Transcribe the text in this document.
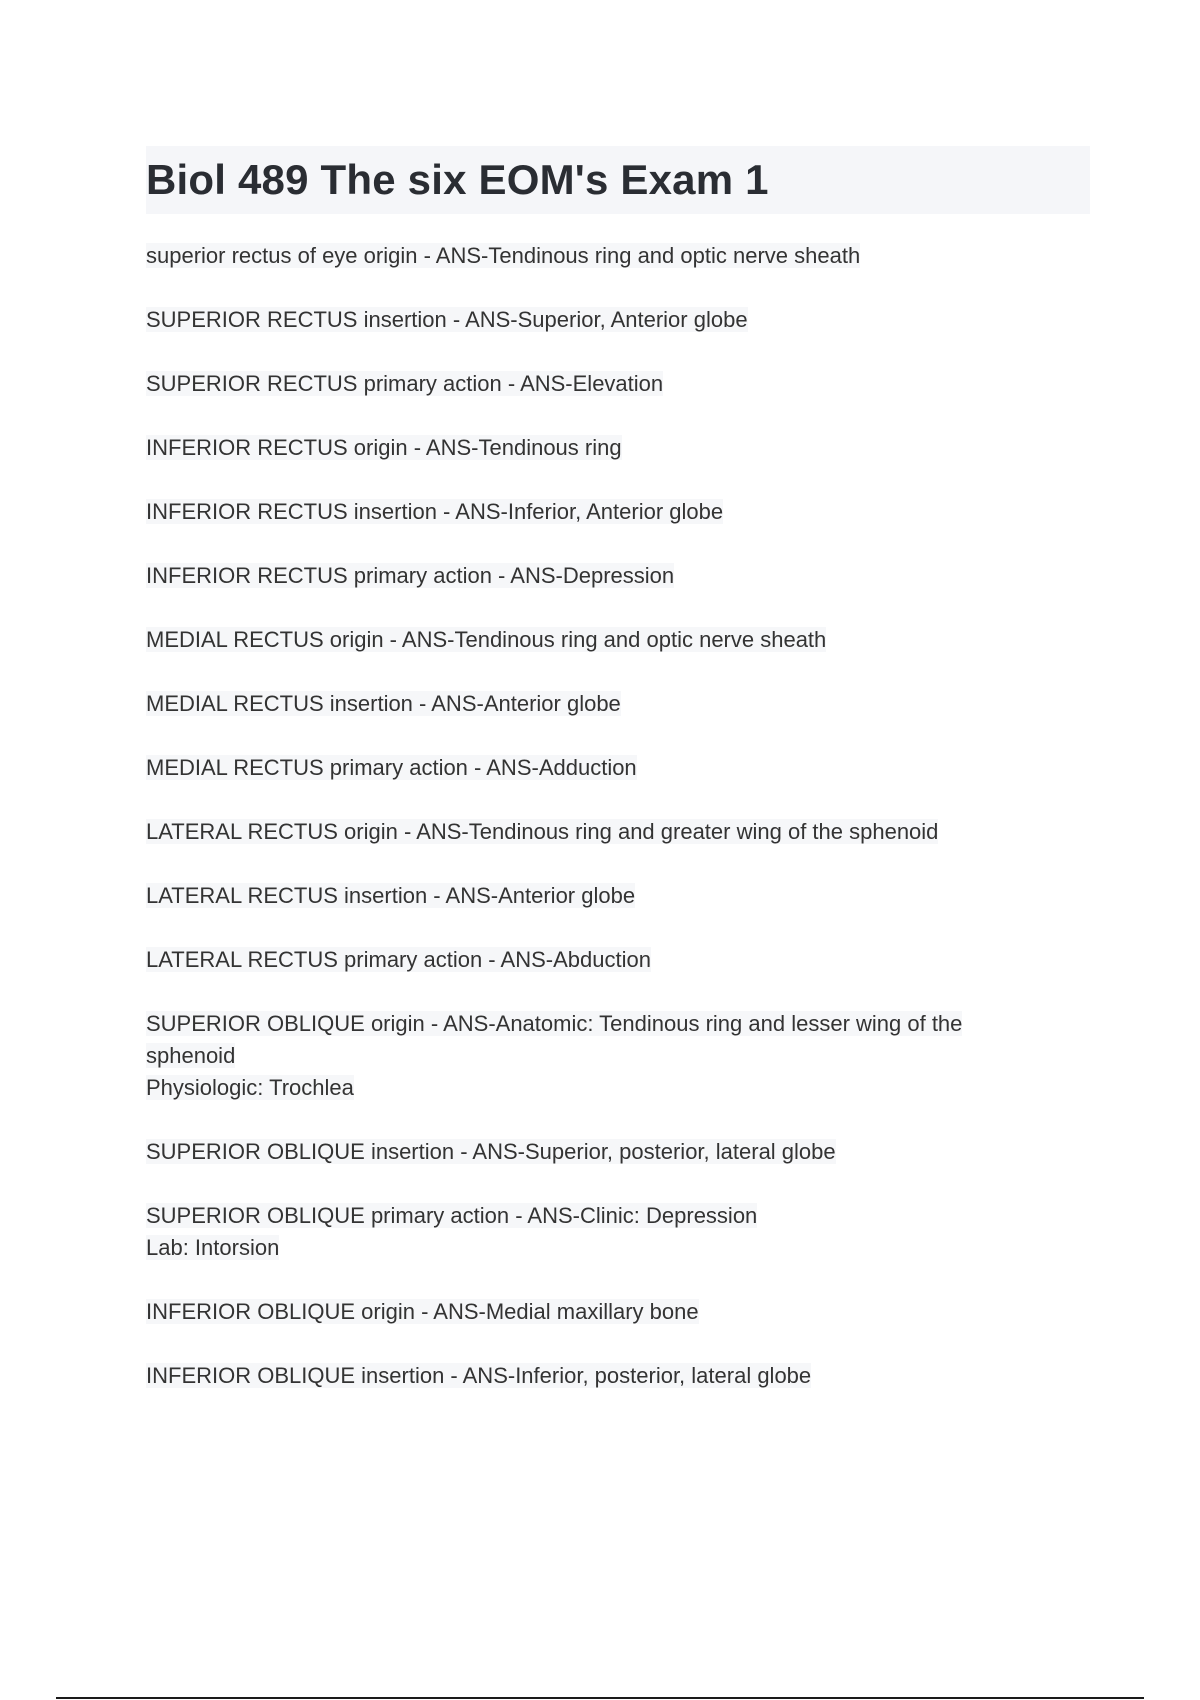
Biol 489 The six EOM's Exam 1
superior rectus of eye origin - ANS-Tendinous ring and optic nerve sheath
SUPERIOR RECTUS insertion - ANS-Superior, Anterior globe
SUPERIOR RECTUS primary action - ANS-Elevation
INFERIOR RECTUS origin - ANS-Tendinous ring
INFERIOR RECTUS insertion - ANS-Inferior, Anterior globe
INFERIOR RECTUS primary action - ANS-Depression
MEDIAL RECTUS origin - ANS-Tendinous ring and optic nerve sheath
MEDIAL RECTUS insertion - ANS-Anterior globe
MEDIAL RECTUS primary action - ANS-Adduction
LATERAL RECTUS origin - ANS-Tendinous ring and greater wing of the sphenoid
LATERAL RECTUS insertion - ANS-Anterior globe
LATERAL RECTUS primary action - ANS-Abduction
SUPERIOR OBLIQUE origin - ANS-Anatomic: Tendinous ring and lesser wing of the
sphenoid
Physiologic: Trochlea
SUPERIOR OBLIQUE insertion - ANS-Superior, posterior, lateral globe
SUPERIOR OBLIQUE primary action - ANS-Clinic: Depression
Lab: Intorsion
INFERIOR OBLIQUE origin - ANS-Medial maxillary bone
INFERIOR OBLIQUE insertion - ANS-Inferior, posterior, lateral globe
